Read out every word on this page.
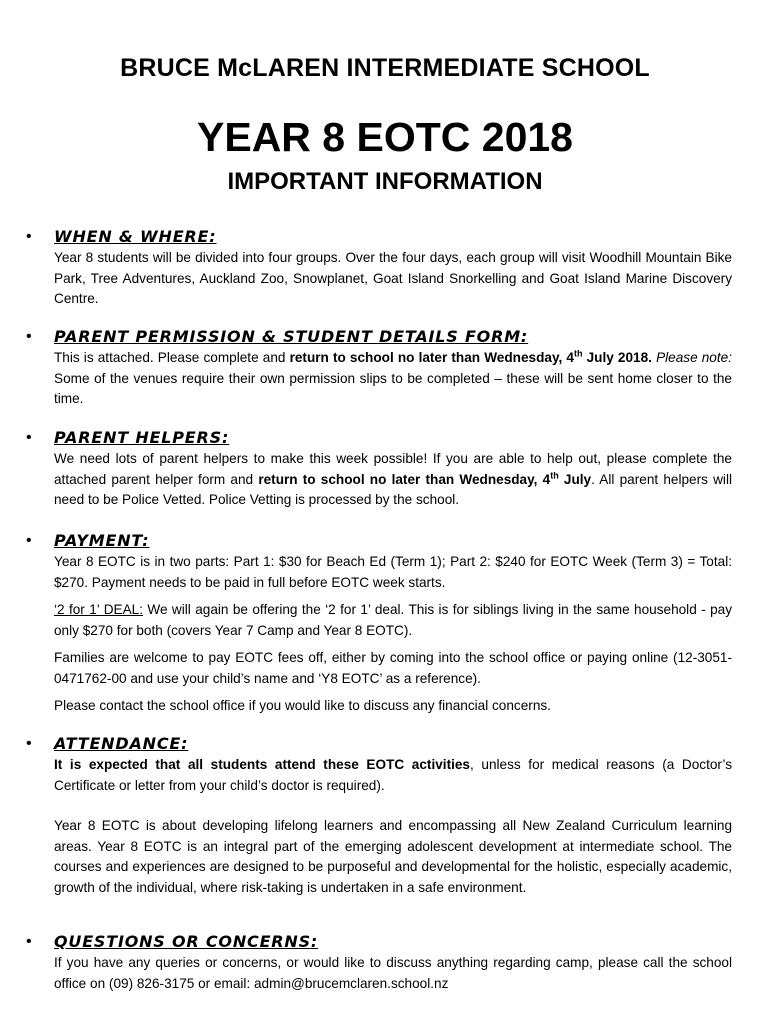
BRUCE McLAREN INTERMEDIATE SCHOOL
YEAR 8 EOTC 2018
IMPORTANT INFORMATION
• WHEN & WHERE:

Year 8 students will be divided into four groups. Over the four days, each group will visit Woodhill Mountain Bike Park, Tree Adventures, Auckland Zoo, Snowplanet, Goat Island Snorkelling and Goat Island Marine Discovery Centre.

• PARENT PERMISSION & STUDENT DETAILS FORM:

This is attached. Please complete and return to school no later than Wednesday, 4th July 2018. Please note: Some of the venues require their own permission slips to be completed – these will be sent home closer to the time.

• PARENT HELPERS:

We need lots of parent helpers to make this week possible! If you are able to help out, please complete the attached parent helper form and return to school no later than Wednesday, 4th July. All parent helpers will need to be Police Vetted. Police Vetting is processed by the school.

• PAYMENT:

Year 8 EOTC is in two parts: Part 1: $30 for Beach Ed (Term 1); Part 2: $240 for EOTC Week (Term 3) = Total: $270. Payment needs to be paid in full before EOTC week starts.

‘2 for 1’ DEAL: We will again be offering the ‘2 for 1’ deal. This is for siblings living in the same household - pay only $270 for both (covers Year 7 Camp and Year 8 EOTC).

Families are welcome to pay EOTC fees off, either by coming into the school office or paying online (12-3051-0471762-00 and use your child’s name and ‘Y8 EOTC’ as a reference).

Please contact the school office if you would like to discuss any financial concerns.

• ATTENDANCE:

It is expected that all students attend these EOTC activities, unless for medical reasons (a Doctor’s Certificate or letter from your child’s doctor is required).

Year 8 EOTC is about developing lifelong learners and encompassing all New Zealand Curriculum learning areas. Year 8 EOTC is an integral part of the emerging adolescent development at intermediate school. The courses and experiences are designed to be purposeful and developmental for the holistic, especially academic, growth of the individual, where risk-taking is undertaken in a safe environment.

• QUESTIONS OR CONCERNS:

If you have any queries or concerns, or would like to discuss anything regarding camp, please call the school office on (09) 826-3175 or email: admin@brucemclaren.school.nz
